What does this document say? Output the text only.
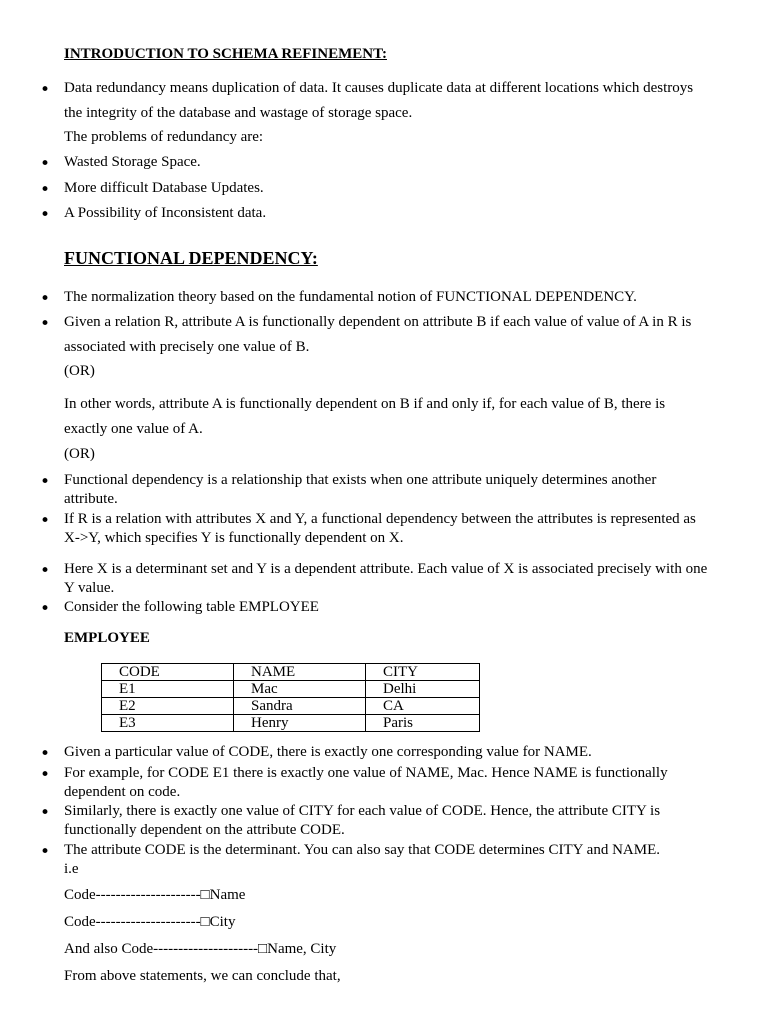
INTRODUCTION TO SCHEMA REFINEMENT:
•
Data redundancy means duplication of data. It causes duplicate data at different locations which destroys
the integrity of the database and wastage of storage space.
The problems of redundancy are:
•
Wasted Storage Space.
•
More difficult Database Updates.
•
A Possibility of Inconsistent data.
FUNCTIONAL DEPENDENCY:
•
The normalization theory based on the fundamental notion of FUNCTIONAL DEPENDENCY.
•
Given a relation R, attribute A is functionally dependent on attribute B if each value of value of A in R is
associated with precisely one value of B.
(OR)
In other words, attribute A is functionally dependent on B if and only if, for each value of B, there is
exactly one value of A.
(OR)
•
Functional dependency is a relationship that exists when one attribute uniquely determines another
attribute.
•
If R is a relation with attributes X and Y, a functional dependency between the attributes is represented as
X->Y, which specifies Y is functionally dependent on X.
•
Here X is a determinant set and Y is a dependent attribute. Each value of X is associated precisely with one
Y value.
•
Consider the following table EMPLOYEE
EMPLOYEE
CODE	NAME	CITY
E1	Mac	Delhi
E2	Sandra	CA
E3	Henry	Paris
•
Given a particular value of CODE, there is exactly one corresponding value for NAME.
•
For example, for CODE E1 there is exactly one value of NAME, Mac. Hence NAME is functionally
dependent on code.
•
Similarly, there is exactly one value of CITY for each value of CODE. Hence, the attribute CITY is
functionally dependent on the attribute CODE.
•
The attribute CODE is the determinant. You can also say that CODE determines CITY and NAME.
i.e
Code---------------------□Name
Code---------------------□City
And also Code---------------------□Name, City
From above statements, we can conclude that,
